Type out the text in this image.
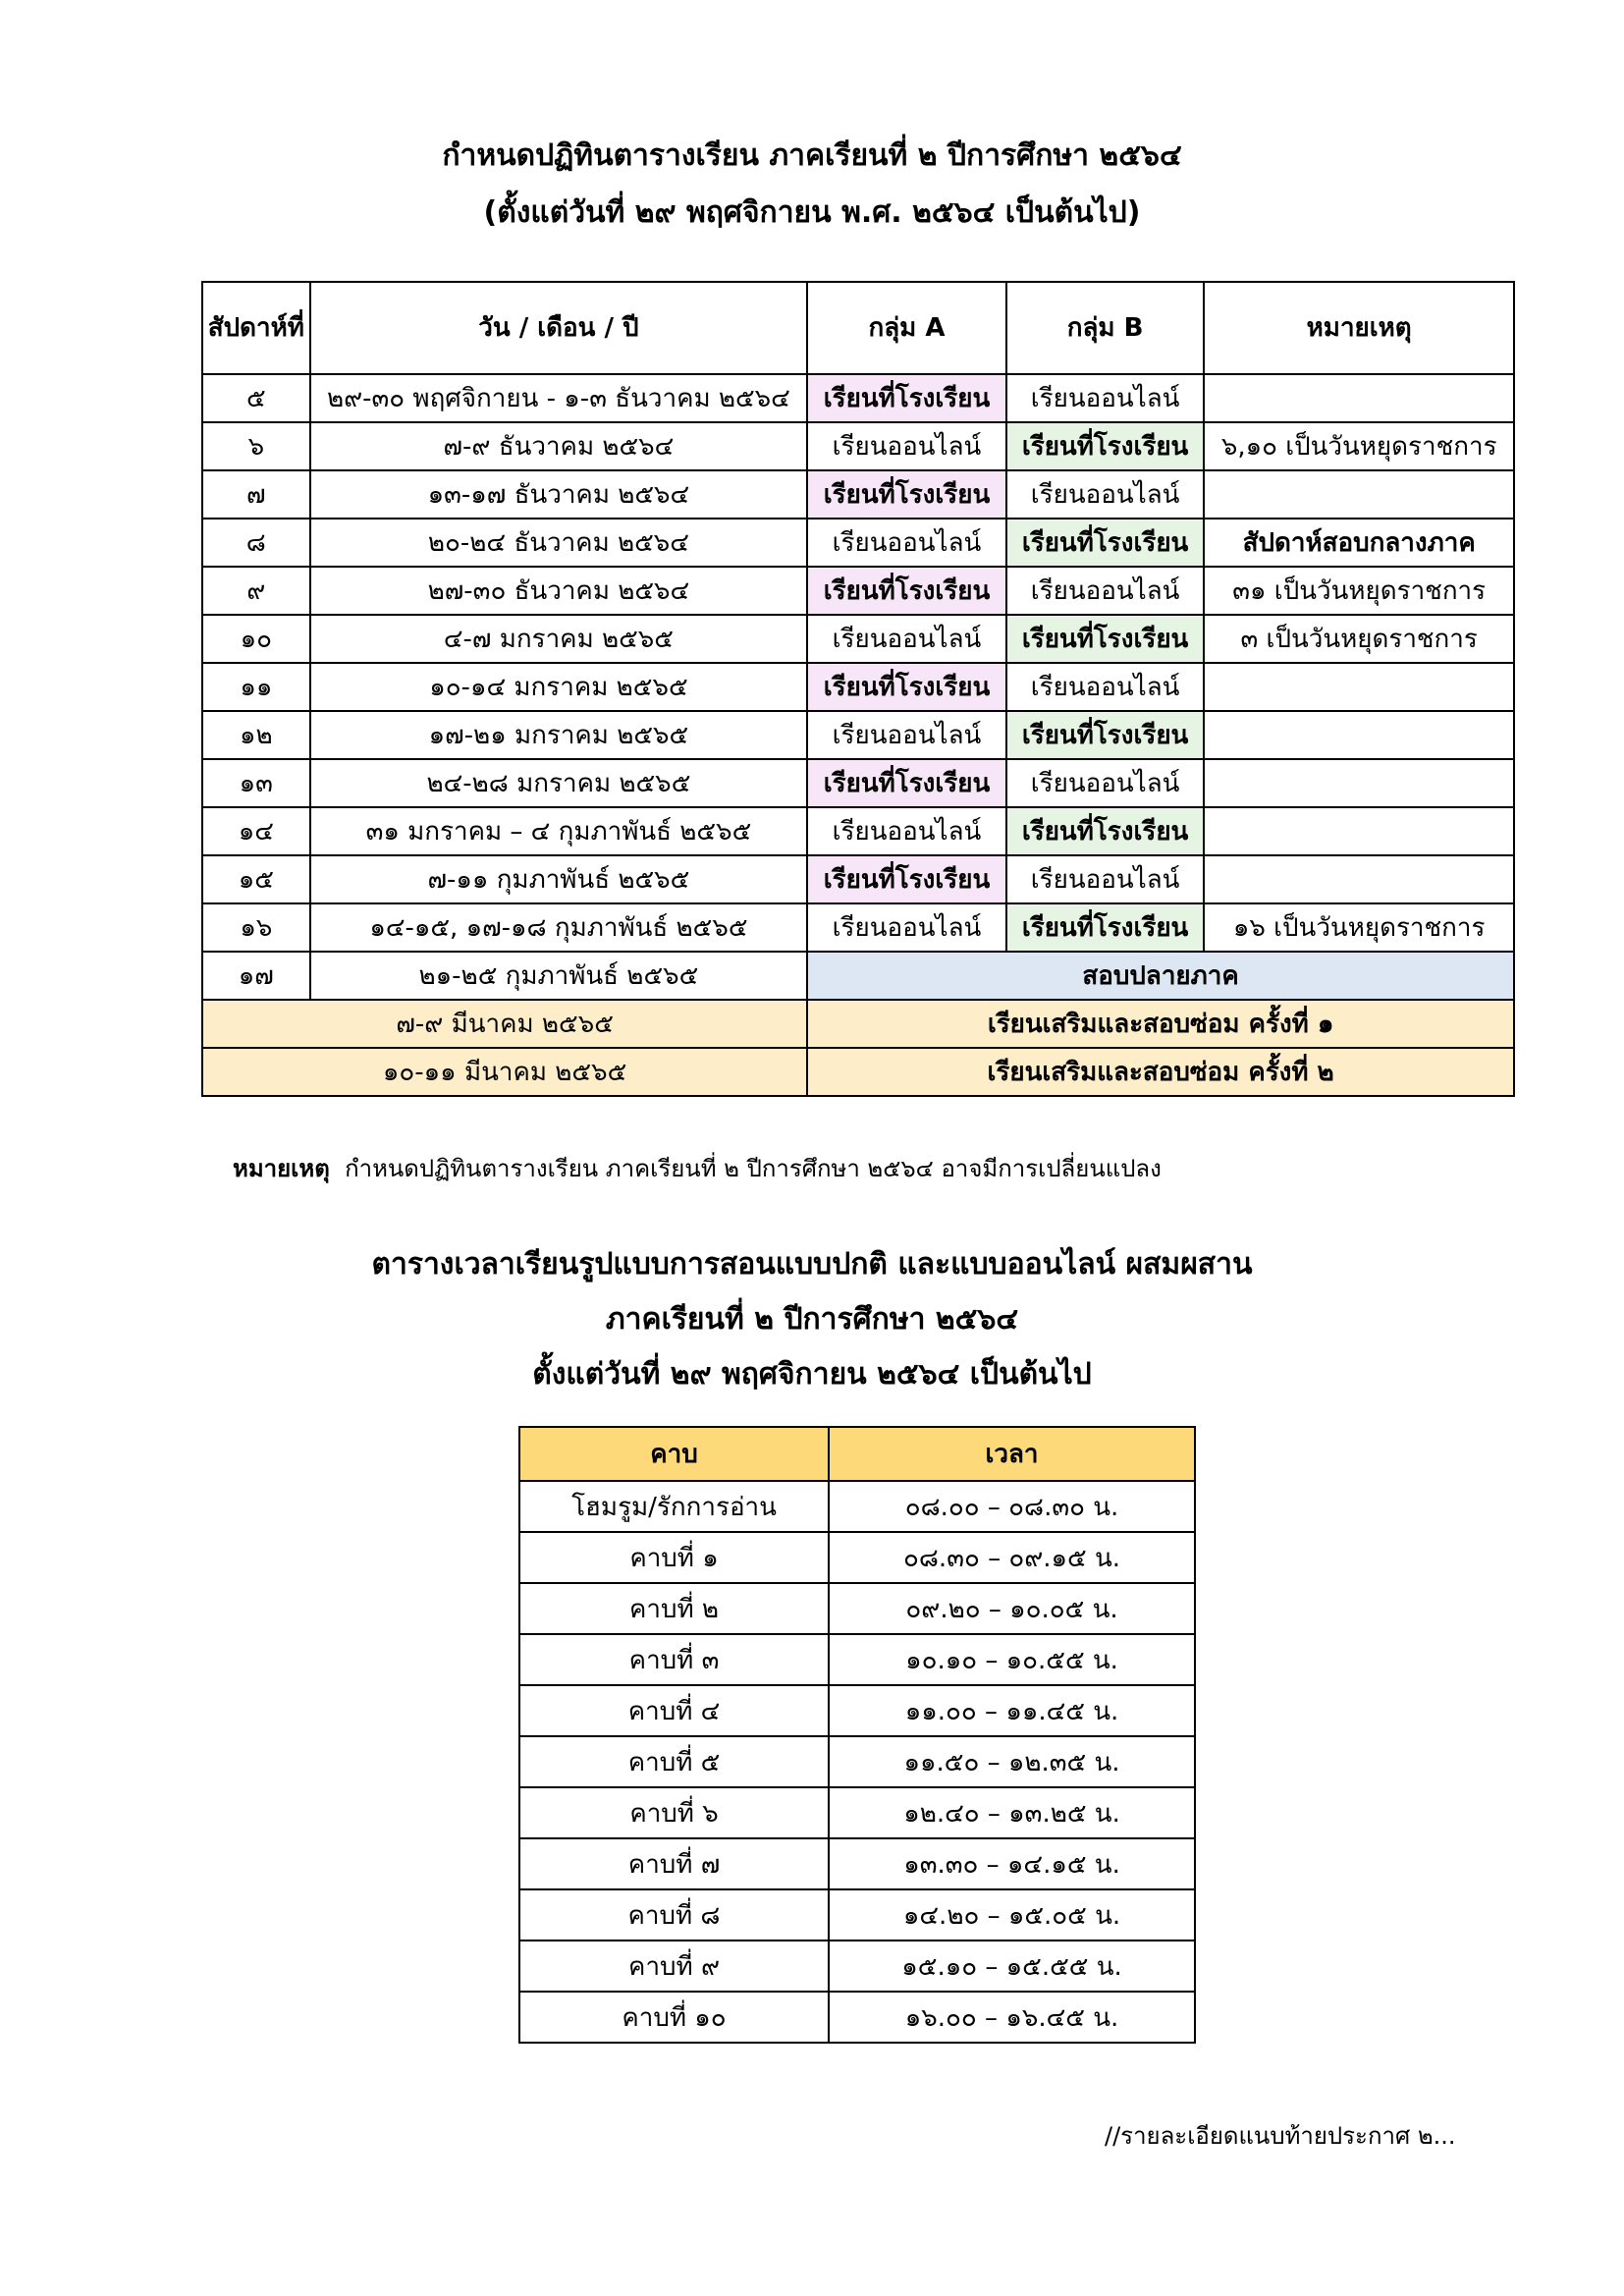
กำหนดปฏิทินตารางเรียน ภาคเรียนที่ ๒ ปีการศึกษา ๒๕๖๔
(ตั้งแต่วันที่ ๒๙ พฤศจิกายน พ.ศ. ๒๕๖๔ เป็นต้นไป)
สัปดาห์ที่	วัน / เดือน / ปี	กลุ่ม A	กลุ่ม B	หมายเหตุ
๕	๒๙-๓๐ พฤศจิกายน - ๑-๓ ธันวาคม ๒๕๖๔	เรียนที่โรงเรียน	เรียนออนไลน์	
๖	๗-๙ ธันวาคม ๒๕๖๔	เรียนออนไลน์	เรียนที่โรงเรียน	๖,๑๐ เป็นวันหยุดราชการ
๗	๑๓-๑๗ ธันวาคม ๒๕๖๔	เรียนที่โรงเรียน	เรียนออนไลน์	
๘	๒๐-๒๔ ธันวาคม ๒๕๖๔	เรียนออนไลน์	เรียนที่โรงเรียน	สัปดาห์สอบกลางภาค
๙	๒๗-๓๐ ธันวาคม ๒๕๖๔	เรียนที่โรงเรียน	เรียนออนไลน์	๓๑ เป็นวันหยุดราชการ
๑๐	๔-๗ มกราคม ๒๕๖๕	เรียนออนไลน์	เรียนที่โรงเรียน	๓ เป็นวันหยุดราชการ
๑๑	๑๐-๑๔ มกราคม ๒๕๖๕	เรียนที่โรงเรียน	เรียนออนไลน์	
๑๒	๑๗-๒๑ มกราคม ๒๕๖๕	เรียนออนไลน์	เรียนที่โรงเรียน	
๑๓	๒๔-๒๘ มกราคม ๒๕๖๕	เรียนที่โรงเรียน	เรียนออนไลน์	
๑๔	๓๑ มกราคม – ๔ กุมภาพันธ์ ๒๕๖๕	เรียนออนไลน์	เรียนที่โรงเรียน	
๑๕	๗-๑๑ กุมภาพันธ์ ๒๕๖๕	เรียนที่โรงเรียน	เรียนออนไลน์	
๑๖	๑๔-๑๕, ๑๗-๑๘ กุมภาพันธ์ ๒๕๖๕	เรียนออนไลน์	เรียนที่โรงเรียน	๑๖ เป็นวันหยุดราชการ
๑๗	๒๑-๒๕ กุมภาพันธ์ ๒๕๖๕	สอบปลายภาค		
๗-๙ มีนาคม ๒๕๖๕		เรียนเสริมและสอบซ่อม ครั้งที่ ๑		
๑๐-๑๑ มีนาคม ๒๕๖๕		เรียนเสริมและสอบซ่อม ครั้งที่ ๒		
หมายเหตุ กำหนดปฏิทินตารางเรียน ภาคเรียนที่ ๒ ปีการศึกษา ๒๕๖๔ อาจมีการเปลี่ยนแปลง
ตารางเวลาเรียนรูปแบบการสอนแบบปกติ และแบบออนไลน์ ผสมผสาน
ภาคเรียนที่ ๒ ปีการศึกษา ๒๕๖๔
ตั้งแต่วันที่ ๒๙ พฤศจิกายน ๒๕๖๔ เป็นต้นไป
คาบ	เวลา
โฮมรูม/รักการอ่าน	๐๘.๐๐ – ๐๘.๓๐ น.
คาบที่ ๑	๐๘.๓๐ – ๐๙.๑๕ น.
คาบที่ ๒	๐๙.๒๐ – ๑๐.๐๕ น.
คาบที่ ๓	๑๐.๑๐ – ๑๐.๕๕ น.
คาบที่ ๔	๑๑.๐๐ – ๑๑.๔๕ น.
คาบที่ ๕	๑๑.๕๐ – ๑๒.๓๕ น.
คาบที่ ๖	๑๒.๔๐ – ๑๓.๒๕ น.
คาบที่ ๗	๑๓.๓๐ – ๑๔.๑๕ น.
คาบที่ ๘	๑๔.๒๐ – ๑๕.๐๕ น.
คาบที่ ๙	๑๕.๑๐ – ๑๕.๕๕ น.
คาบที่ ๑๐	๑๖.๐๐ – ๑๖.๔๕ น.
//รายละเอียดแนบท้ายประกาศ ๒...
